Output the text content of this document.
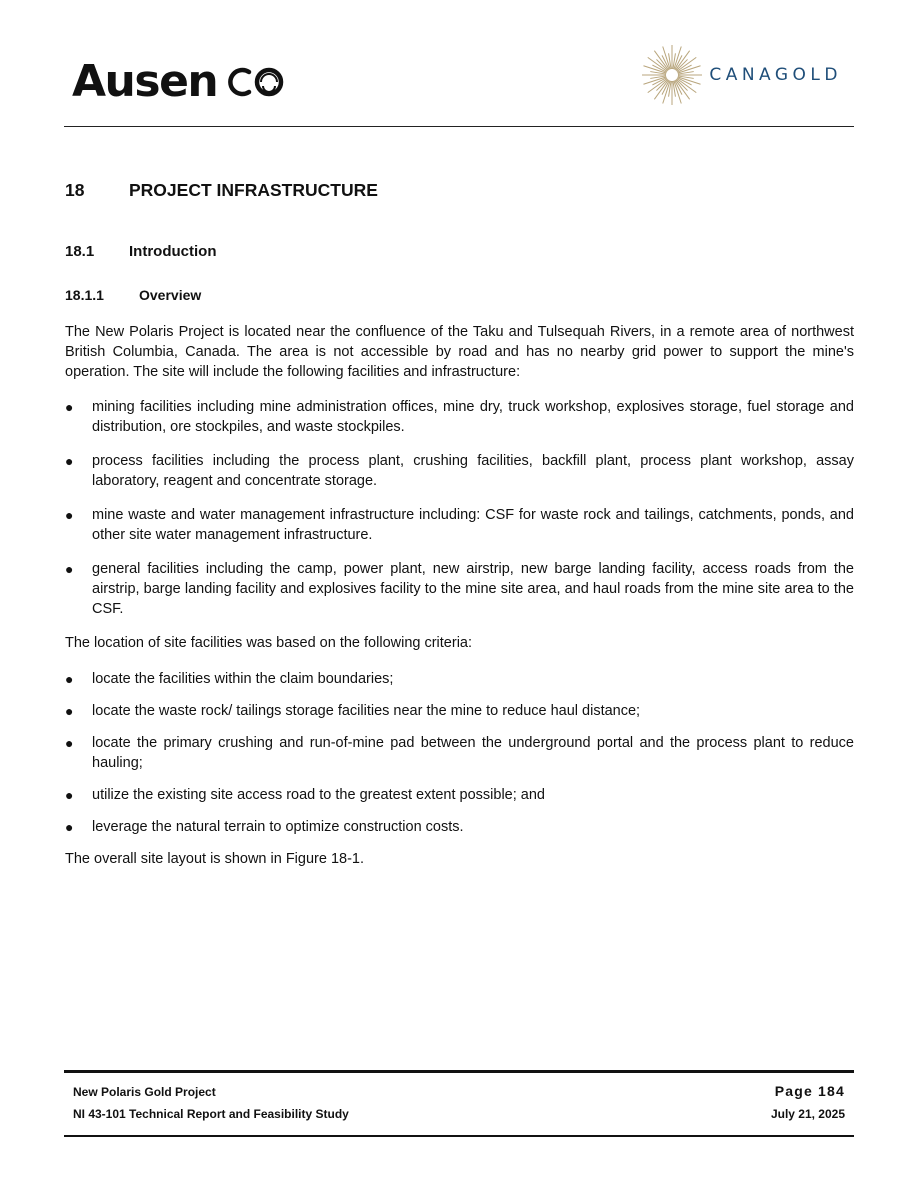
Ausen	CANAGOLD
18	PROJECT INFRASTRUCTURE
18.1	Introduction
18.1.1	Overview

The New Polaris Project is located near the confluence of the Taku and Tulsequah Rivers, in a remote area of northwest British Columbia, Canada. The area is not accessible by road and has no nearby grid power to support the mine's operation. The site will include the following facilities and infrastructure:

● mining facilities including mine administration offices, mine dry, truck workshop, explosives storage, fuel storage and distribution, ore stockpiles, and waste stockpiles.
● process facilities including the process plant, crushing facilities, backfill plant, process plant workshop, assay laboratory, reagent and concentrate storage.
● mine waste and water management infrastructure including: CSF for waste rock and tailings, catchments, ponds, and other site water management infrastructure.
● general facilities including the camp, power plant, new airstrip, new barge landing facility, access roads from the airstrip, barge landing facility and explosives facility to the mine site area, and haul roads from the mine site area to the CSF.

The location of site facilities was based on the following criteria:

● locate the facilities within the claim boundaries;
● locate the waste rock/ tailings storage facilities near the mine to reduce haul distance;
● locate the primary crushing and run-of-mine pad between the underground portal and the process plant to reduce hauling;
● utilize the existing site access road to the greatest extent possible; and
● leverage the natural terrain to optimize construction costs.

The overall site layout is shown in Figure 18-1.

New Polaris Gold Project	Page 184
NI 43-101 Technical Report and Feasibility Study	July 21, 2025
